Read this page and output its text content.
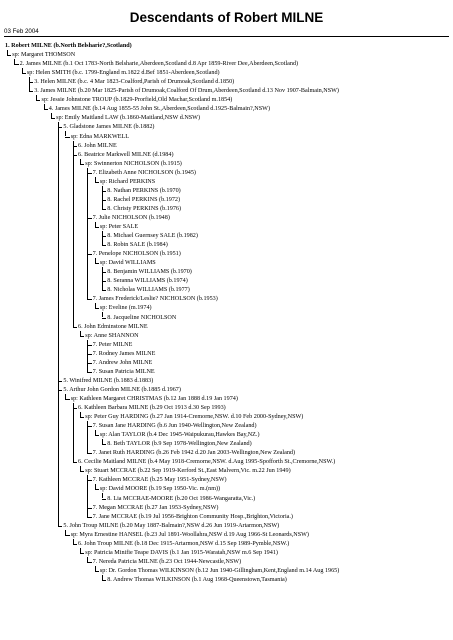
Descendants of Robert MILNE
03 Feb 2004
1. Robert MILNE (b.North Belsharie?,Scotland)
sp: Margaret THOMSON
2. James MILNE (b.1 Oct 1783-North Belsharie,Aberdeen,Scotland d.8 Apr 1859-River Dee,Aberdeen,Scotland)
sp: Helen SMITH (b.c. 1799-England m.1822 d.Bef 1851-Aberdeen,Scotland)
3. Helen MILNE (b.c. 4 Mar 1823-Coalford,Parish of Drumoak,Scotland d.1850)
3. James MILNE (b.20 Mar 1825-Parish of Drumoak,Coalford Of Drum,Aberdeen,Scotland d.13 Nov 1907-Balmain,NSW)
sp: Jessie Johnstone TROUP (b.1829-Prorfield,Old Machar,Scotland m.1854)
4. James MILNE (b.14 Aug 1855-55 John St.,Aberdeen,Scotland d.1925-Balmain?,NSW)
sp: Emily Maitland LAW (b.1860-Maitland,NSW d.NSW)
5. Gladstone James MILNE (b.1882)
sp: Edna MARKWELL
6. John MILNE
6. Beatrice Markwell MILNE (d.1984)
sp: Swinnerton NICHOLSON (b.1915)
7. Elizabeth Anne NICHOLSON (b.1945)
sp: Richard PERKINS
8. Nathan PERKINS (b.1970)
8. Rachel PERKINS (b.1972)
8. Christy PERKINS (b.1976)
7. Julie NICHOLSON (b.1948)
sp: Peter SALE
8. Michael Guernsey SALE (b.1982)
8. Robin SALE (b.1984)
7. Penelope NICHOLSON (b.1951)
sp: David WILLIAMS
8. Benjamin WILLIAMS (b.1970)
8. Seranna WILLIAMS (b.1974)
8. Nicholas WILLIAMS (b.1977)
7. James Frederick/Leslie? NICHOLSON (b.1953)
sp: Eveline (m.1974)
8. Jacqueline NICHOLSON
6. John Edminstone MILNE
sp: Anne SHANNON
7. Peter MILNE
7. Rodney James MILNE
7. Andrew John MILNE
7. Susan Patricia MILNE
5. Winifred MILNE (b.1883 d.1883)
5. Arthur John Gordon MILNE (b.1885 d.1967)
sp: Kathleen Margaret CHRISTMAS (b.12 Jan 1888 d.19 Jan 1974)
6. Kathleen Barbara MILNE (b.29 Oct 1913 d.30 Sep 1993)
sp: Peter Guy HARDING (b.27 Jan 1914-Cremorne,NSW. d.10 Feb 2000-Sydney,NSW)
7. Susan Jane HARDING (b.6 Jun 1940-Wellington,New Zealand)
sp: Alan TAYLOR (b.4 Dec 1945-Waipukurau,Hawkes Bay,NZ.)
8. Beth TAYLOR (b.9 Sep 1978-Wellington,New Zealand)
7. Janet Ruth HARDING (b.26 Feb 1942 d.20 Jan 2003-Wellington,New Zealand)
6. Cecilie Maitland MILNE (b.4 May 1918-Cremorne,NSW. d.Aug 1995-Spofforth St.,Cremorne,NSW.)
sp: Stuart MCCRAE (b.22 Sep 1919-Kerford St.,East Malvern,Vic. m.22 Jun 1949)
7. Kathleen MCCRAE (b.25 May 1951-Sydney,NSW)
sp: David MOORE (b.19 Sep 1950-Vic. m.(nm))
8. Lia MCCRAE-MOORE (b.20 Oct 1986-Wangaratta,Vic.)
7. Megan MCCRAE (b.27 Jan 1953-Sydney,NSW)
7. Jane MCCRAE (b.19 Jul 1956-Brighton Community Hosp.,Brighton,Victoria.)
5. John Troup MILNE (b.20 May 1887-Balmain?,NSW d.26 Jun 1919-Artarmon,NSW)
sp: Myra Ernestine HANSEL (b.23 Jul 1891-Woollahra,NSW d.19 Aug 1966-St Leonards,NSW)
6. John Troup MILNE (b.18 Dec 1915-Artarmon,NSW d.15 Sep 1989-Pymble,NSW.)
sp: Patricia Minifie Teape DAVIS (b.1 Jan 1915-Waratah,NSW m.6 Sep 1941)
7. Nereda Patricia MILNE (b.23 Oct 1944-Newcastle,NSW)
sp: Dr. Gordon Thomas WILKINSON (b.12 Jun 1940-Gillingham,Kent,England m.14 Aug 1965)
8. Andrew Thomas WILKINSON (b.1 Aug 1968-Queenstown,Tasmania)
